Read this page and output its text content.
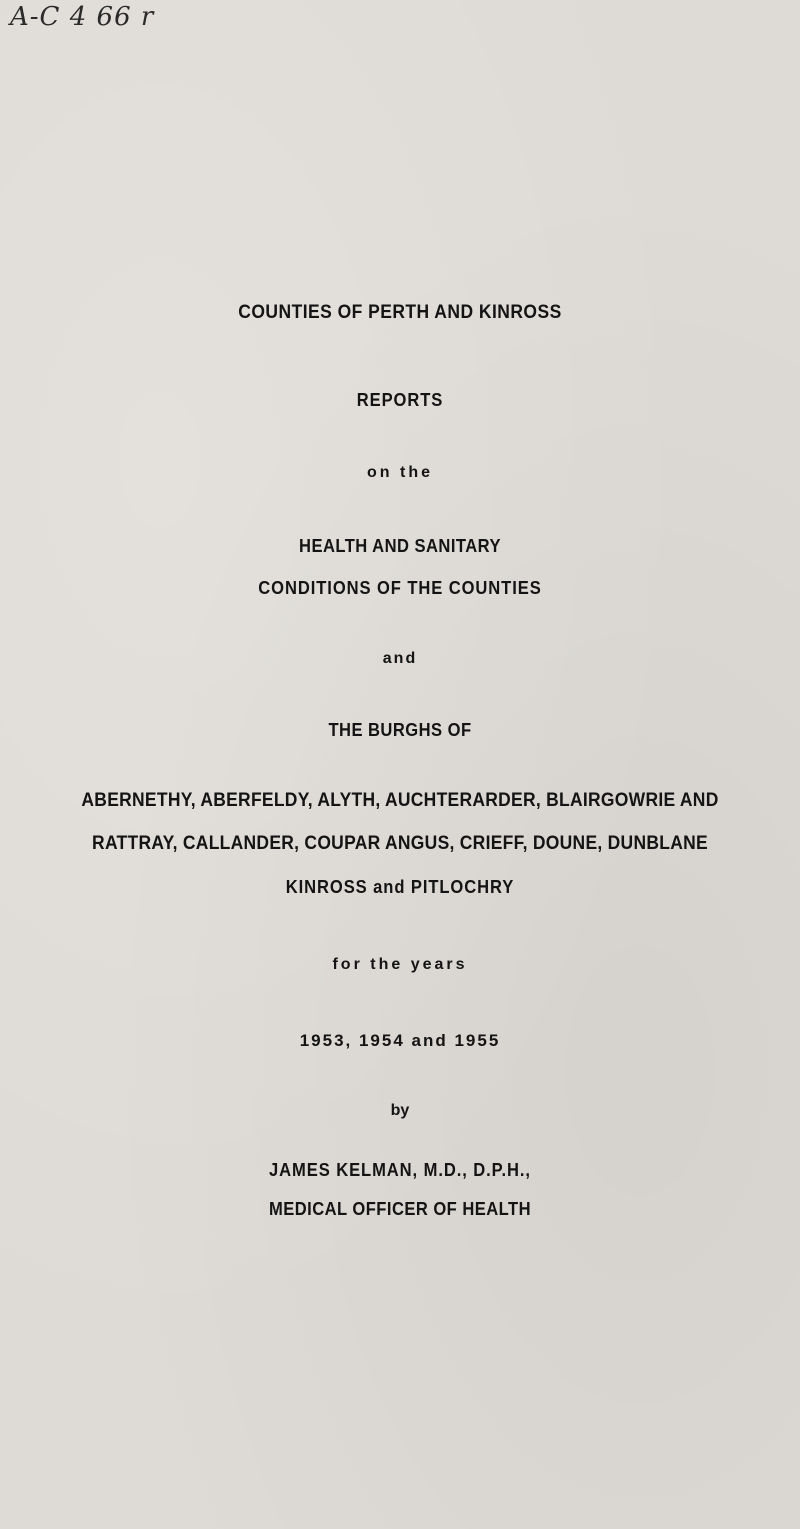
A-C 4 66 r
COUNTIES OF PERTH AND KINROSS
REPORTS
on the
HEALTH AND SANITARY
CONDITIONS OF THE COUNTIES
and
THE BURGHS OF
ABERNETHY, ABERFELDY, ALYTH, AUCHTERARDER, BLAIRGOWRIE AND
RATTRAY, CALLANDER, COUPAR ANGUS, CRIEFF, DOUNE, DUNBLANE
KINROSS and PITLOCHRY
for the years
1953, 1954 and 1955
by
JAMES KELMAN, M.D., D.P.H.,
MEDICAL OFFICER OF HEALTH
